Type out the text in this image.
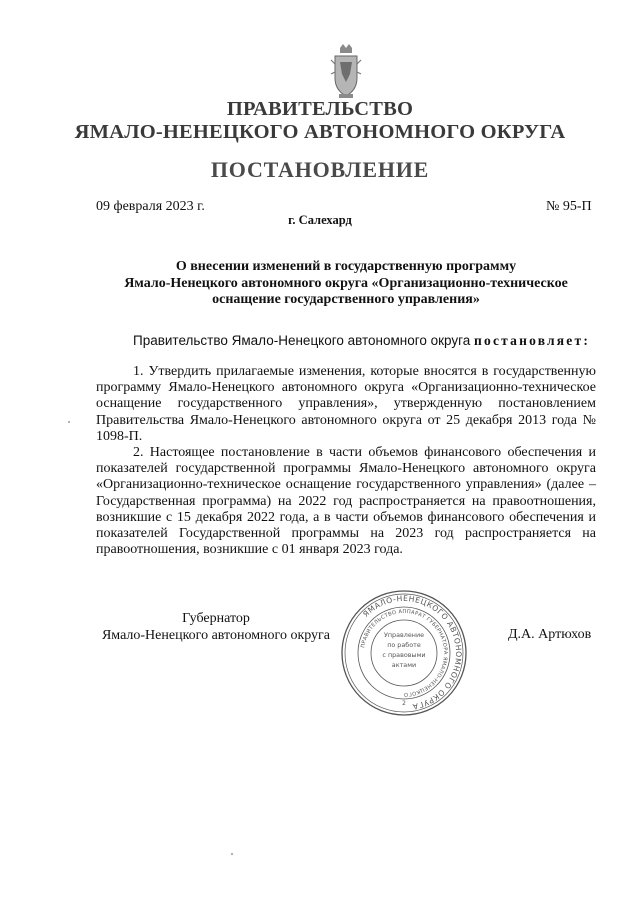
ПРАВИТЕЛЬСТВО
ЯМАЛО-НЕНЕЦКОГО АВТОНОМНОГО ОКРУГА
ПОСТАНОВЛЕНИЕ
09 февраля 2023 г.	№ 95-П
г. Салехард
О внесении изменений в государственную программу
Ямало-Ненецкого автономного округа «Организационно-техническое
оснащение государственного управления»
Правительство Ямало-Ненецкого автономного округа постановляет:

1. Утвердить прилагаемые изменения, которые вносятся в государственную программу Ямало-Ненецкого автономного округа «Организационно-техническое оснащение государственного управления», утвержденную постановлением Правительства Ямало-Ненецкого автономного округа от 25 декабря 2013 года № 1098-П.

2. Настоящее постановление в части объемов финансового обеспечения и показателей государственной программы Ямало-Ненецкого автономного округа «Организационно-техническое оснащение государственного управления» (далее – Государственная программа) на 2022 год распространяется на правоотношения, возникшие с 15 декабря 2022 года, а в части объемов финансового обеспечения и показателей Государственной программы на 2023 год распространяется на правоотношения, возникшие с 01 января 2023 года.

Губернатор
Ямало-Ненецкого автономного округа	Д.А. Артюхов
ЯМАЛО-НЕНЕЦКОГО АВТОНОМНОГО ОКРУГА
ПРАВИТЕЛЬСТВО АППАРАТ ГУБЕРНАТОРА ЯМАЛО-НЕНЕЦКОГО
Управление
по работе
с правовыми
актами
2
